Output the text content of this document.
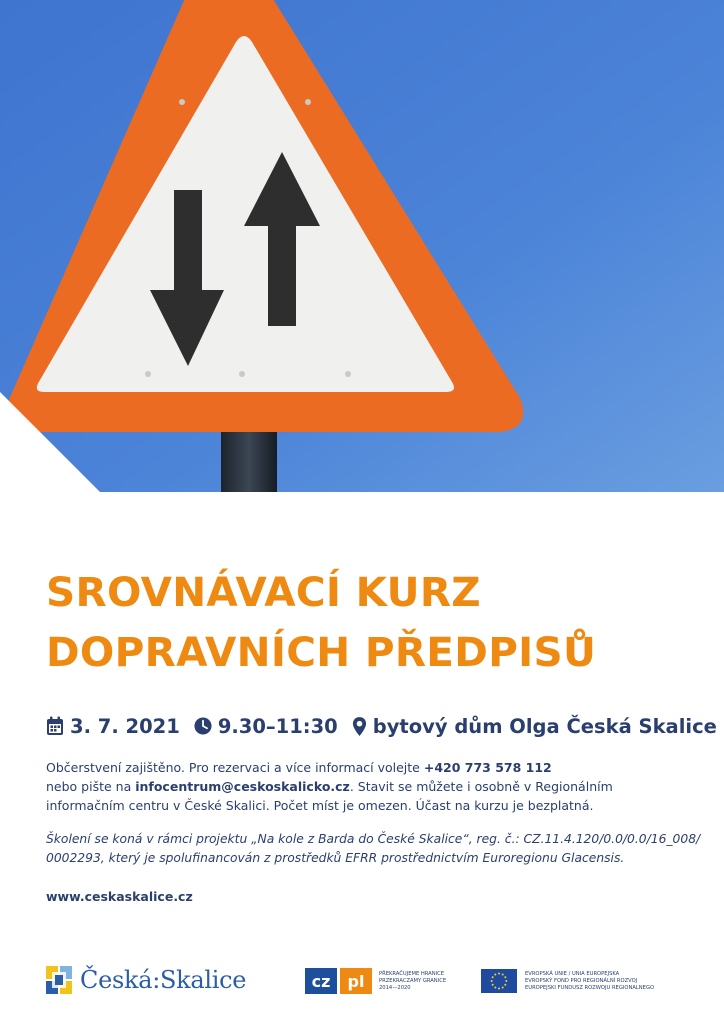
SROVNÁVACÍ KURZ
DOPRAVNÍCH PŘEDPISŮ
3. 7. 2021 9.30–11:30 bytový dům Olga Česká Skalice
Občerstvení zajištěno. Pro rezervaci a více informací volejte +420 773 578 112
nebo pište na infocentrum@ceskoskalicko.cz. Stavit se můžete i osobně v Regionálním
informačním centru v České Skalici. Počet míst je omezen. Účast na kurzu je bezplatná.
Školení se koná v rámci projektu „Na kole z Barda do České Skalice“, reg. č.: CZ.11.4.120/0.0/0.0/16_008/
0002293, který je spolufinancován z prostředků EFRR prostřednictvím Euroregionu Glacensis.
www.ceskaskalice.cz
Česká:Skalice	cz	pl	PŘEKRAČUJEME HRANICE
PRZEKRACZAMY GRANICE
2014—2020
EVROPSKÁ UNIE / UNIA EUROPEJSKA
EVROPSKÝ FOND PRO REGIONÁLNÍ ROZVOJ
EUROPEJSKI FUNDUSZ ROZWOJU REGIONALNEGO
